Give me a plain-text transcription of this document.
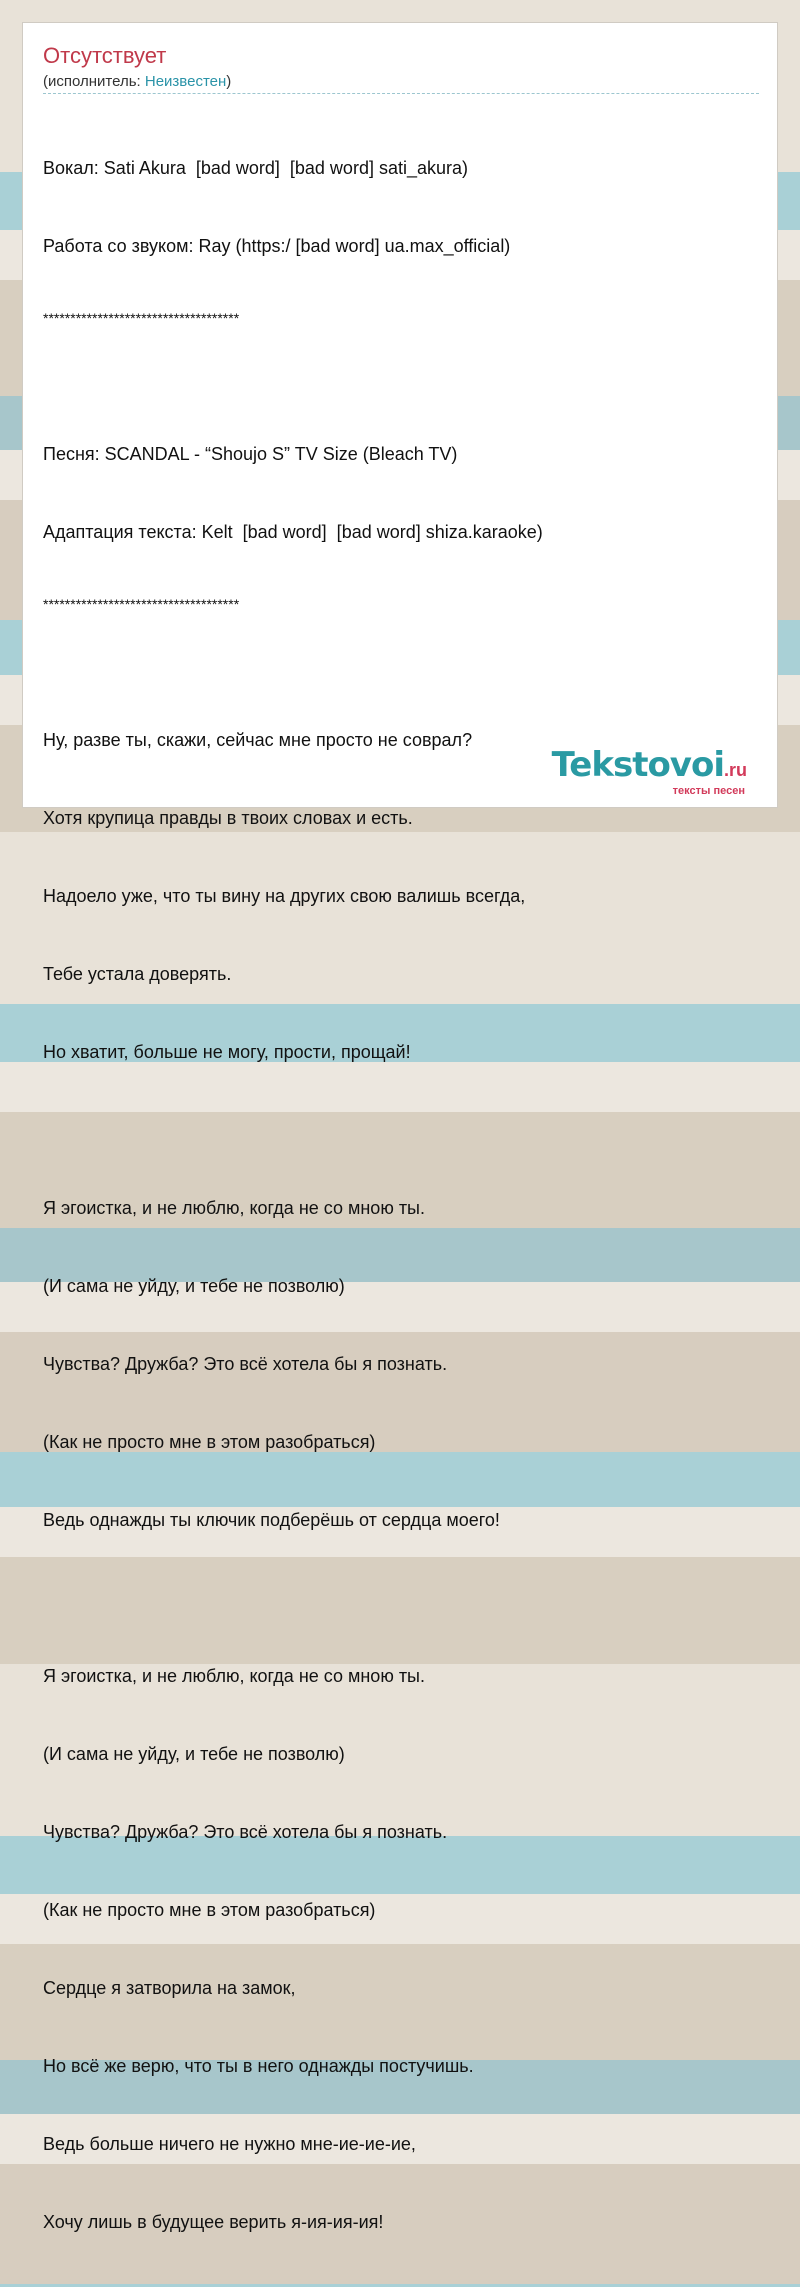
Отсутствует
(исполнитель: Неизвестен)

Вокал: Sati Akura  [bad word]  [bad word] sati_akura)

Работа со звуком: Ray (https:/ [bad word] ua.max_official)

************************************

Песня: SCANDAL - “Shoujo S” TV Size (Bleach TV)

Адаптация текста: Kelt  [bad word]  [bad word] shiza.karaoke)

************************************

Ну, разве ты, скажи, сейчас мне просто не соврал?

Хотя крупица правды в твоих словах и есть.

Надоело уже, что ты вину на других свою валишь всегда,

Тебе устала доверять.

Но хватит, больше не могу, прости, прощай!

Я эгоистка, и не люблю, когда не со мною ты.

(И сама не уйду, и тебе не позволю)

Чувства? Дружба? Это всё хотела бы я познать.

(Как не просто мне в этом разобраться)

Ведь однажды ты ключик подберёшь от сердца моего!

Я эгоистка, и не люблю, когда не со мною ты.

(И сама не уйду, и тебе не позволю)

Чувства? Дружба? Это всё хотела бы я познать.

(Как не просто мне в этом разобраться)

Сердце я затворила на замок,

Но всё же верю, что ты в него однажды постучишь.

Ведь больше ничего не нужно мне-ие-ие-ие,

Хочу лишь в будущее верить я-ия-ия-ия!

Tekstovoi.ru
тексты песен
